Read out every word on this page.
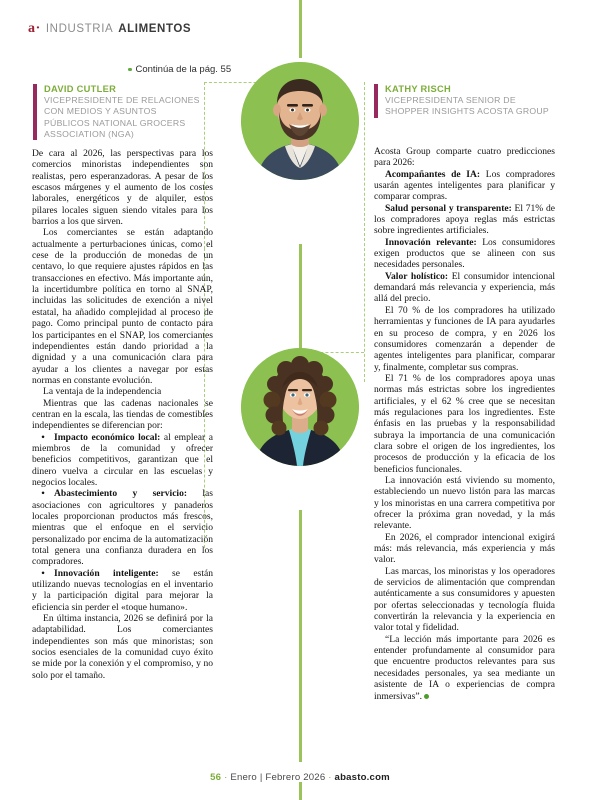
a· INDUSTRIA ALIMENTOS
Continúa de la pág. 55
DAVID CUTLER
VICEPRESIDENTE DE RELACIONES CON MEDIOS Y ASUNTOS PÚBLICOS NATIONAL GROCERS ASSOCIATION (NGA)
KATHY RISCH
VICEPRESIDENTA SENIOR DE SHOPPER INSIGHTS ACOSTA GROUP

De cara al 2026, las perspectivas para los comercios minoristas independientes son realistas, pero esperanzadoras. A pesar de los escasos márgenes y el aumento de los costes laborales, energéticos y de alquiler, estos pilares locales siguen siendo vitales para los barrios a los que sirven.

Los comerciantes se están adaptando actualmente a perturbaciones únicas, como el cese de la producción de monedas de un centavo, lo que requiere ajustes rápidos en las transacciones en efectivo. Más importante aún, la incertidumbre política en torno al SNAP, incluidas las solicitudes de exención a nivel estatal, ha añadido complejidad al proceso de pago. Como principal punto de contacto para los participantes en el SNAP, los comerciantes independientes están dando prioridad a la dignidad y a una comunicación clara para ayudar a los clientes a navegar por estas normas en constante evolución.

La ventaja de la independencia

Mientras que las cadenas nacionales se centran en la escala, las tiendas de comestibles independientes se diferencian por:

• Impacto económico local: al emplear a miembros de la comunidad y ofrecer beneficios competitivos, garantizan que el dinero vuelva a circular en las escuelas y negocios locales.

• Abastecimiento y servicio: las asociaciones con agricultores y panaderos locales proporcionan productos más frescos, mientras que el enfoque en el servicio personalizado por encima de la automatización total genera una confianza duradera en los compradores.

• Innovación inteligente: se están utilizando nuevas tecnologías en el inventario y la participación digital para mejorar la eficiencia sin perder el «toque humano».

En última instancia, 2026 se definirá por la adaptabilidad. Los comerciantes independientes son más que minoristas; son socios esenciales de la comunidad cuyo éxito se mide por la conexión y el compromiso, y no solo por el tamaño.

Acosta Group comparte cuatro predicciones para 2026:

Acompañantes de IA: Los compradores usarán agentes inteligentes para planificar y comparar compras.

Salud personal y transparente: El 71% de los compradores apoya reglas más estrictas sobre ingredientes artificiales.

Innovación relevante: Los consumidores exigen productos que se alineen con sus necesidades personales.

Valor holístico: El consumidor intencional demandará más relevancia y experiencia, más allá del precio.

El 70 % de los compradores ha utilizado herramientas y funciones de IA para ayudarles en su proceso de compra, y en 2026 los consumidores comenzarán a depender de agentes inteligentes para planificar, comparar y, finalmente, completar sus compras.

El 71 % de los compradores apoya unas normas más estrictas sobre los ingredientes artificiales, y el 62 % cree que se necesitan más regulaciones para los ingredientes. Este énfasis en las pruebas y la responsabilidad subraya la importancia de una comunicación clara sobre el origen de los ingredientes, los procesos de producción y la eficacia de los beneficios funcionales.

La innovación está viviendo su momento, estableciendo un nuevo listón para las marcas y los minoristas en una carrera competitiva por ofrecer la próxima gran novedad, y la más relevante.

En 2026, el comprador intencional exigirá más: más relevancia, más experiencia y más valor.

Las marcas, los minoristas y los operadores de servicios de alimentación que comprendan auténticamente a sus consumidores y apuesten por ofertas seleccionadas y tecnología fluida convertirán la relevancia y la experiencia en valor total y fidelidad.

“La lección más importante para 2026 es entender profundamente al consumidor para que encuentre productos relevantes para sus necesidades personales, ya sea mediante un asistente de IA o experiencias de compra inmersivas”.

56 · Enero | Febrero 2026 · abasto.com
